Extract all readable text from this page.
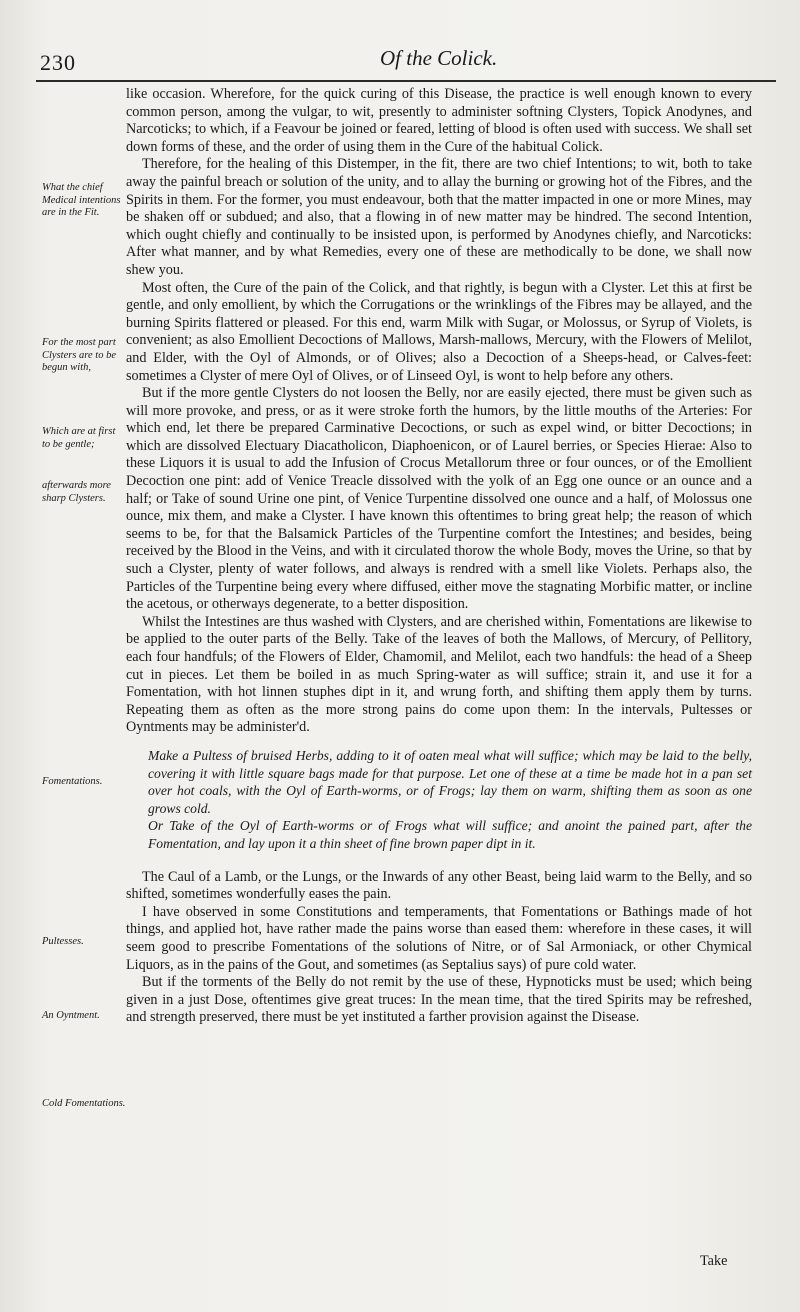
230	Of the Colick.
What the chief Medical intentions are in the Fit.
For the most part Clysters are to be begun with,
Which are at first to be gentle;
afterwards more sharp Clysters.
Fomentations.
Pultesses.
An Oyntment.
Cold Fomentations.

like occasion. Wherefore, for the quick curing of this Disease, the practice is well enough known to every common person, among the vulgar, to wit, presently to administer softning Clysters, Topick Anodynes, and Narcoticks; to which, if a Feavour be joined or feared, letting of blood is often used with success. We shall set down forms of these, and the order of using them in the Cure of the habitual Colick.

Therefore, for the healing of this Distemper, in the fit, there are two chief Intentions; to wit, both to take away the painful breach or solution of the unity, and to allay the burning or growing hot of the Fibres, and the Spirits in them. For the former, you must endeavour, both that the matter impacted in one or more Mines, may be shaken off or subdued; and also, that a flowing in of new matter may be hindred. The second Intention, which ought chiefly and continually to be insisted upon, is performed by Anodynes chiefly, and Narcoticks: After what manner, and by what Remedies, every one of these are methodically to be done, we shall now shew you.

Most often, the Cure of the pain of the Colick, and that rightly, is begun with a Clyster. Let this at first be gentle, and only emollient, by which the Corrugations or the wrinklings of the Fibres may be allayed, and the burning Spirits flattered or pleased. For this end, warm Milk with Sugar, or Molossus, or Syrup of Violets, is convenient; as also Emollient Decoctions of Mallows, Marsh-mallows, Mercury, with the Flowers of Melilot, and Elder, with the Oyl of Almonds, or of Olives; also a Decoction of a Sheeps-head, or Calves-feet: sometimes a Clyster of mere Oyl of Olives, or of Linseed Oyl, is wont to help before any others.

But if the more gentle Clysters do not loosen the Belly, nor are easily ejected, there must be given such as will more provoke, and press, or as it were stroke forth the humors, by the little mouths of the Arteries: For which end, let there be prepared Carminative Decoctions, or such as expel wind, or bitter Decoctions; in which are dissolved Electuary Diacatholicon, Diaphoenicon, or of Laurel berries, or Species Hierae: Also to these Liquors it is usual to add the Infusion of Crocus Metallorum three or four ounces, or of the Emollient Decoction one pint: add of Venice Treacle dissolved with the yolk of an Egg one ounce or an ounce and a half; or Take of sound Urine one pint, of Venice Turpentine dissolved one ounce and a half, of Molossus one ounce, mix them, and make a Clyster. I have known this oftentimes to bring great help; the reason of which seems to be, for that the Balsamick Particles of the Turpentine comfort the Intestines; and besides, being received by the Blood in the Veins, and with it circulated thorow the whole Body, moves the Urine, so that by such a Clyster, plenty of water follows, and always is rendred with a smell like Violets. Perhaps also, the Particles of the Turpentine being every where diffused, either move the stagnating Morbific matter, or incline the acetous, or otherways degenerate, to a better disposition.

Whilst the Intestines are thus washed with Clysters, and are cherished within, Fomentations are likewise to be applied to the outer parts of the Belly. Take of the leaves of both the Mallows, of Mercury, of Pellitory, each four handfuls; of the Flowers of Elder, Chamomil, and Melilot, each two handfuls: the head of a Sheep cut in pieces. Let them be boiled in as much Spring-water as will suffice; strain it, and use it for a Fomentation, with hot linnen stuphes dipt in it, and wrung forth, and shifting them apply them by turns. Repeating them as often as the more strong pains do come upon them: In the intervals, Pultesses or Oyntments may be administer'd.

Make a Pultess of bruised Herbs, adding to it of oaten meal what will suffice; which may be laid to the belly, covering it with little square bags made for that purpose. Let one of these at a time be made hot in a pan set over hot coals, with the Oyl of Earth-worms, or of Frogs; lay them on warm, shifting them as soon as one grows cold.

Or Take of the Oyl of Earth-worms or of Frogs what will suffice; and anoint the pained part, after the Fomentation, and lay upon it a thin sheet of fine brown paper dipt in it.

The Caul of a Lamb, or the Lungs, or the Inwards of any other Beast, being laid warm to the Belly, and so shifted, sometimes wonderfully eases the pain.

I have observed in some Constitutions and temperaments, that Fomentations or Bathings made of hot things, and applied hot, have rather made the pains worse than eased them: wherefore in these cases, it will seem good to prescribe Fomentations of the solutions of Nitre, or of Sal Armoniack, or other Chymical Liquors, as in the pains of the Gout, and sometimes (as Septalius says) of pure cold water.

But if the torments of the Belly do not remit by the use of these, Hypnoticks must be used; which being given in a just Dose, oftentimes give great truces: In the mean time, that the tired Spirits may be refreshed, and strength preserved, there must be yet instituted a farther provision against the Disease.

Take
